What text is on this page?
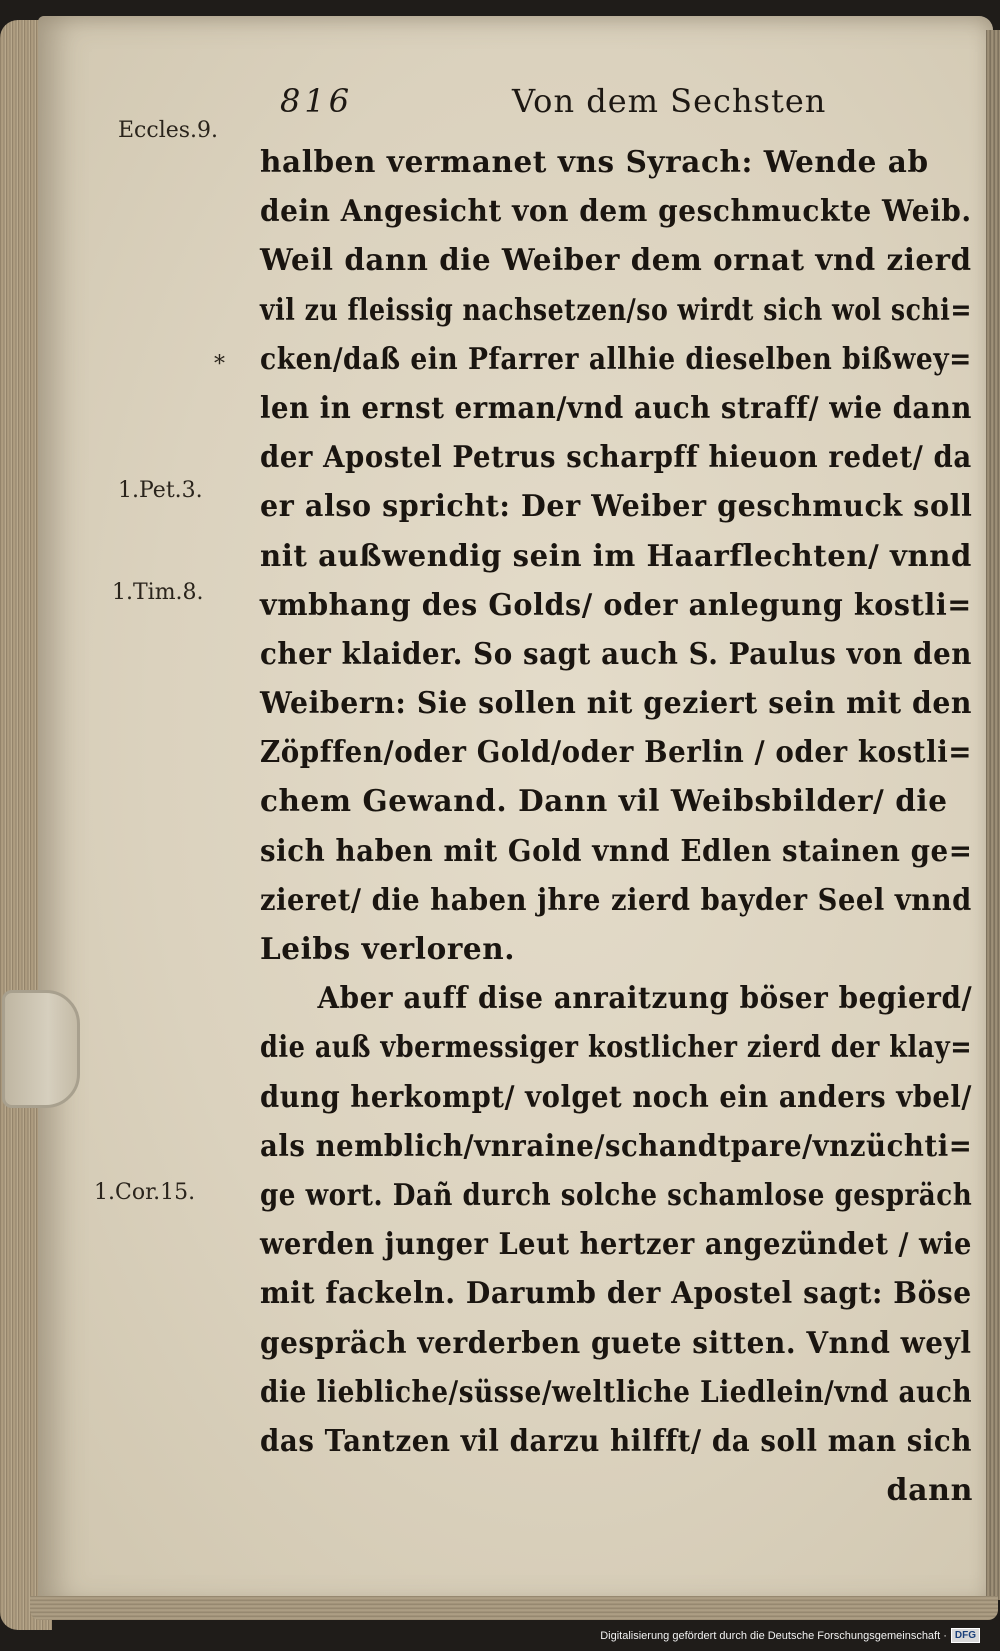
816	Von dem Sechsten
Eccles.9.
*
1.Pet.3.
1.Tim.8.
1.Cor.15.
halben vermanet vns Syrach: Wende ab
dein Angesicht von dem geschmuckte Weib.
Weil dann die Weiber dem ornat vnd zierd
vil zu fleissig nachsetzen/so wirdt sich wol schi=
cken/daß ein Pfarrer allhie dieselben bißwey=
len in ernst erman/vnd auch straff/ wie dann
der Apostel Petrus scharpff hieuon redet/ da
er also spricht: Der Weiber geschmuck soll
nit außwendig sein im Haarflechten/ vnnd
vmbhang des Golds/ oder anlegung kostli=
cher klaider. So sagt auch S. Paulus von den
Weibern: Sie sollen nit geziert sein mit den
Zöpffen/oder Gold/oder Berlin / oder kostli=
chem Gewand. Dann vil Weibsbilder/ die
sich haben mit Gold vnnd Edlen stainen ge=
zieret/ die haben jhre zierd bayder Seel vnnd
Leibs verloren.
Aber auff dise anraitzung böser begierd/
die auß vbermessiger kostlicher zierd der klay=
dung herkompt/ volget noch ein anders vbel/
als nemblich/vnraine/schandtpare/vnzüchti=
ge wort. Dañ durch solche schamlose gespräch
werden junger Leut hertzer angezündet / wie
mit fackeln. Darumb der Apostel sagt: Böse
gespräch verderben guete sitten. Vnnd weyl
die liebliche/süsse/weltliche Liedlein/vnd auch
das Tantzen vil darzu hilfft/ da soll man sich
dann
Digitalisierung gefördert durch die Deutsche Forschungsgemeinschaft · DFG
